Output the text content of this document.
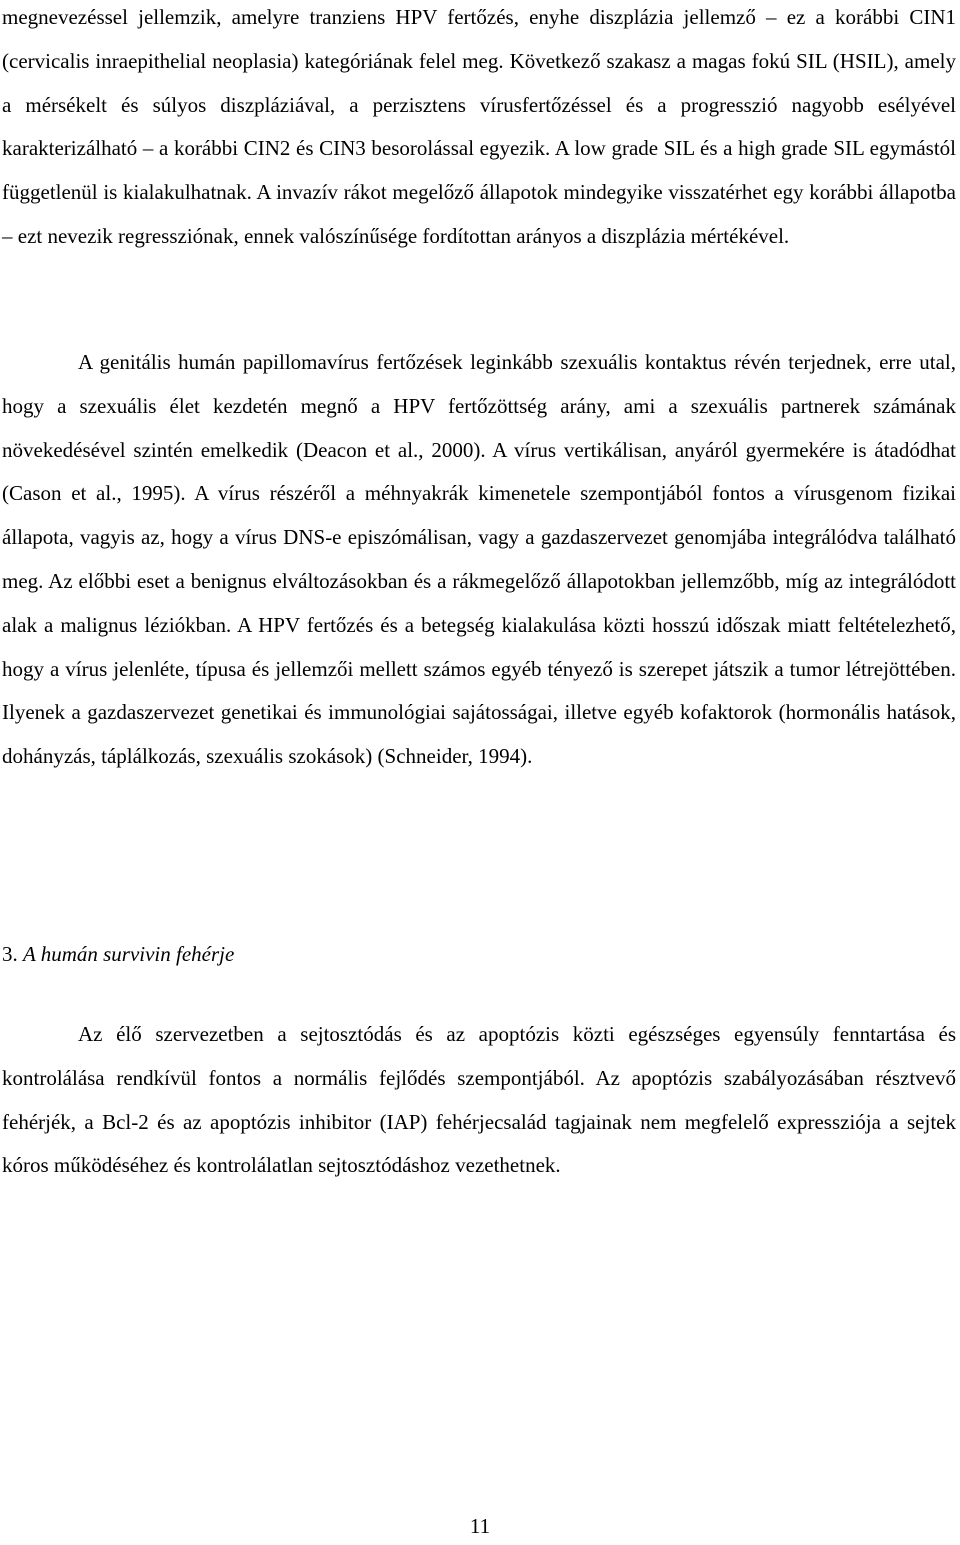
megnevezéssel jellemzik, amelyre tranziens HPV fertőzés, enyhe diszplázia jellemző – ez a korábbi CIN1 (cervicalis inraepithelial neoplasia) kategóriának felel meg. Következő szakasz a magas fokú SIL (HSIL), amely a mérsékelt és súlyos diszpláziával, a perzisztens vírusfertőzéssel és a progresszió nagyobb esélyével karakterizálható – a korábbi CIN2 és CIN3 besorolással egyezik. A low grade SIL és a high grade SIL egymástól függetlenül is kialakulhatnak. A invazív rákot megelőző állapotok mindegyike visszatérhet egy korábbi állapotba – ezt nevezik regressziónak, ennek valószínűsége fordítottan arányos a diszplázia mértékével.

A genitális humán papillomavírus fertőzések leginkább szexuális kontaktus révén terjednek, erre utal, hogy a szexuális élet kezdetén megnő a HPV fertőzöttség arány, ami a szexuális partnerek számának növekedésével szintén emelkedik (Deacon et al., 2000). A vírus vertikálisan, anyáról gyermekére is átadódhat (Cason et al., 1995). A vírus részéről a méhnyakrák kimenetele szempontjából fontos a vírusgenom fizikai állapota, vagyis az, hogy a vírus DNS-e episzómálisan, vagy a gazdaszervezet genomjába integrálódva található meg. Az előbbi eset a benignus elváltozásokban és a rákmegelőző állapotokban jellemzőbb, míg az integrálódott alak a malignus léziókban. A HPV fertőzés és a betegség kialakulása közti hosszú időszak miatt feltételezhető, hogy a vírus jelenléte, típusa és jellemzői mellett számos egyéb tényező is szerepet játszik a tumor létrejöttében. Ilyenek a gazdaszervezet genetikai és immunológiai sajátosságai, illetve egyéb kofaktorok (hormonális hatások, dohányzás, táplálkozás, szexuális szokások) (Schneider, 1994).

3. A humán survivin fehérje

Az élő szervezetben a sejtosztódás és az apoptózis közti egészséges egyensúly fenntartása és kontrolálása rendkívül fontos a normális fejlődés szempontjából. Az apoptózis szabályozásában résztvevő fehérjék, a Bcl-2 és az apoptózis inhibitor (IAP) fehérjecsalád tagjainak nem megfelelő expressziója a sejtek kóros működéséhez és kontrolálatlan sejtosztódáshoz vezethetnek.

11
